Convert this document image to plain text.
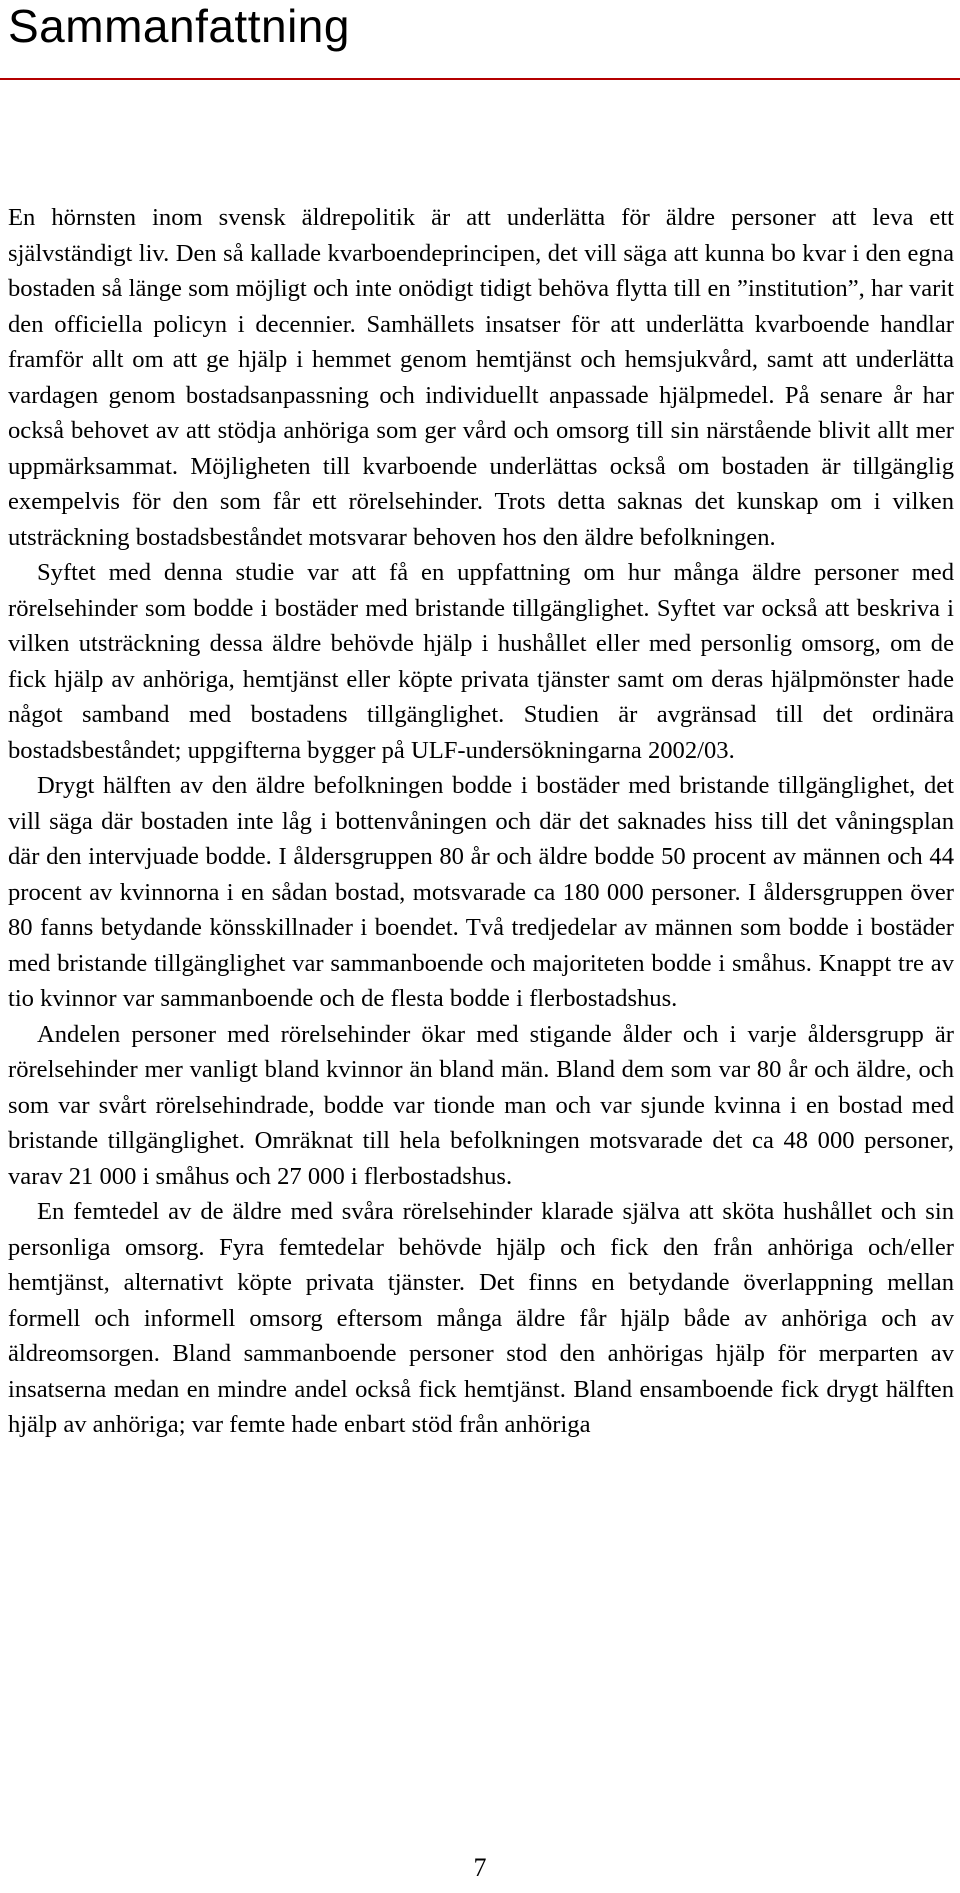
Sammanfattning

En hörnsten inom svensk äldrepolitik är att underlätta för äldre personer att leva ett självständigt liv. Den så kallade kvarboendeprincipen, det vill säga att kunna bo kvar i den egna bostaden så länge som möjligt och inte onödigt tidigt behöva flytta till en ”institution”, har varit den officiella policyn i decennier. Samhällets insatser för att underlätta kvarboende handlar framför allt om att ge hjälp i hemmet genom hemtjänst och hemsjukvård, samt att underlätta vardagen genom bostadsanpassning och individuellt anpassade hjälpmedel. På senare år har också behovet av att stödja anhöriga som ger vård och omsorg till sin närstående blivit allt mer uppmärksammat. Möjligheten till kvarboende underlättas också om bostaden är tillgänglig exempelvis för den som får ett rörelsehinder. Trots detta saknas det kunskap om i vilken utsträckning bostadsbeståndet motsvarar behoven hos den äldre befolkningen.

Syftet med denna studie var att få en uppfattning om hur många äldre personer med rörelsehinder som bodde i bostäder med bristande tillgänglighet. Syftet var också att beskriva i vilken utsträckning dessa äldre behövde hjälp i hushållet eller med personlig omsorg, om de fick hjälp av anhöriga, hemtjänst eller köpte privata tjänster samt om deras hjälpmönster hade något samband med bostadens tillgänglighet. Studien är avgränsad till det ordinära bostadsbeståndet; uppgifterna bygger på ULF-undersökningarna 2002/03.

Drygt hälften av den äldre befolkningen bodde i bostäder med bristande tillgänglighet, det vill säga där bostaden inte låg i bottenvåningen och där det saknades hiss till det våningsplan där den intervjuade bodde. I åldersgruppen 80 år och äldre bodde 50 procent av männen och 44 procent av kvinnorna i en sådan bostad, motsvarade ca 180 000 personer. I åldersgruppen över 80 fanns betydande könsskillnader i boendet. Två tredjedelar av männen som bodde i bostäder med bristande tillgänglighet var sammanboende och majoriteten bodde i småhus. Knappt tre av tio kvinnor var sammanboende och de flesta bodde i flerbostadshus.

Andelen personer med rörelsehinder ökar med stigande ålder och i varje åldersgrupp är rörelsehinder mer vanligt bland kvinnor än bland män. Bland dem som var 80 år och äldre, och som var svårt rörelsehindrade, bodde var tionde man och var sjunde kvinna i en bostad med bristande tillgänglighet. Omräknat till hela befolkningen motsvarade det ca 48 000 personer, varav 21 000 i småhus och 27 000 i flerbostadshus.

En femtedel av de äldre med svåra rörelsehinder klarade själva att sköta hushållet och sin personliga omsorg. Fyra femtedelar behövde hjälp och fick den från anhöriga och/eller hemtjänst, alternativt köpte privata tjänster. Det finns en betydande överlappning mellan formell och informell omsorg eftersom många äldre får hjälp både av anhöriga och av äldreomsorgen. Bland sammanboende personer stod den anhörigas hjälp för merparten av insatserna medan en mindre andel också fick hemtjänst. Bland ensamboende fick drygt hälften hjälp av anhöriga; var femte hade enbart stöd från anhöriga

7
